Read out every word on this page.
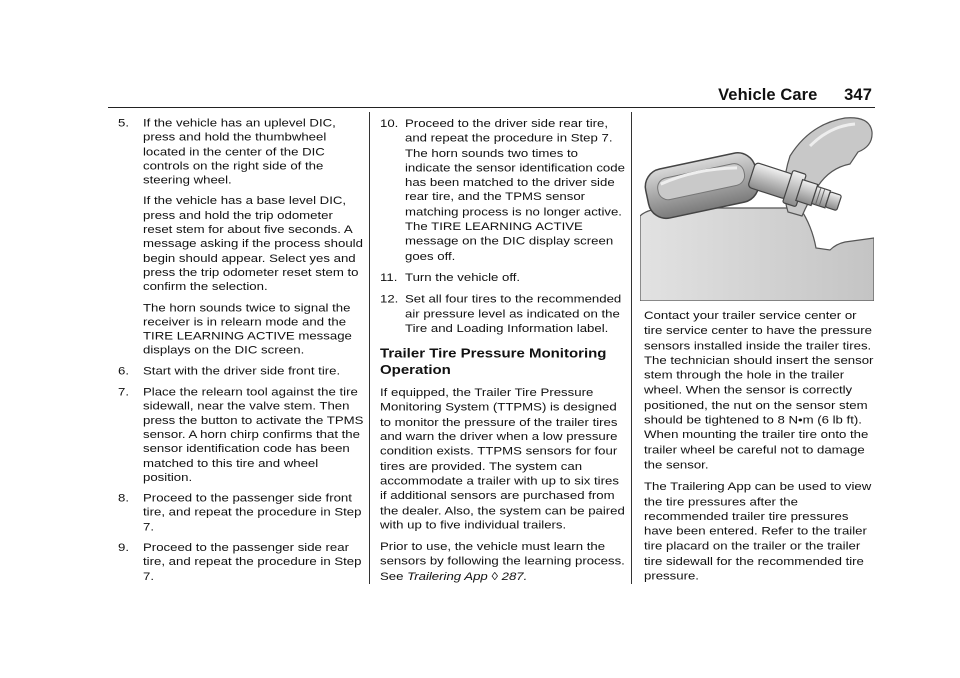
Vehicle Care 347
5.	If the vehicle has an uplevel DIC, press and hold the thumbwheel located in the center of the DIC controls on the right side of the steering wheel.

If the vehicle has a base level DIC, press and hold the trip odometer reset stem for about five seconds. A message asking if the process should begin should appear. Select yes and press the trip odometer reset stem to confirm the selection.

The horn sounds twice to signal the receiver is in relearn mode and the TIRE LEARNING ACTIVE message displays on the DIC screen.

6.	Start with the driver side front tire.

7.	Place the relearn tool against the tire sidewall, near the valve stem. Then press the button to activate the TPMS sensor. A horn chirp confirms that the sensor identification code has been matched to this tire and wheel position.

8.	Proceed to the passenger side front tire, and repeat the procedure in Step 7.

9.	Proceed to the passenger side rear tire, and repeat the procedure in Step 7.

10. Proceed to the driver side rear tire, and repeat the procedure in Step 7. The horn sounds two times to indicate the sensor identification code has been matched to the driver side rear tire, and the TPMS sensor matching process is no longer active. The TIRE LEARNING ACTIVE message on the DIC display screen goes off.

11. Turn the vehicle off.

12. Set all four tires to the recommended air pressure level as indicated on the Tire and Loading Information label.

Trailer Tire Pressure Monitoring Operation

If equipped, the Trailer Tire Pressure Monitoring System (TTPMS) is designed to monitor the pressure of the trailer tires and warn the driver when a low pressure condition exists. TTPMS sensors for four tires are provided. The system can accommodate a trailer with up to six tires if additional sensors are purchased from the dealer. Also, the system can be paired with up to five individual trailers.

Prior to use, the vehicle must learn the sensors by following the learning process. See Trailering App ◊ 287.

Contact your trailer service center or tire service center to have the pressure sensors installed inside the trailer tires. The technician should insert the sensor stem through the hole in the trailer wheel. When the sensor is correctly positioned, the nut on the sensor stem should be tightened to 8 N•m (6 lb ft). When mounting the trailer tire onto the trailer wheel be careful not to damage the sensor.

The Trailering App can be used to view the tire pressures after the recommended trailer tire pressures have been entered. Refer to the trailer tire placard on the trailer or the trailer tire sidewall for the recommended tire pressure.
